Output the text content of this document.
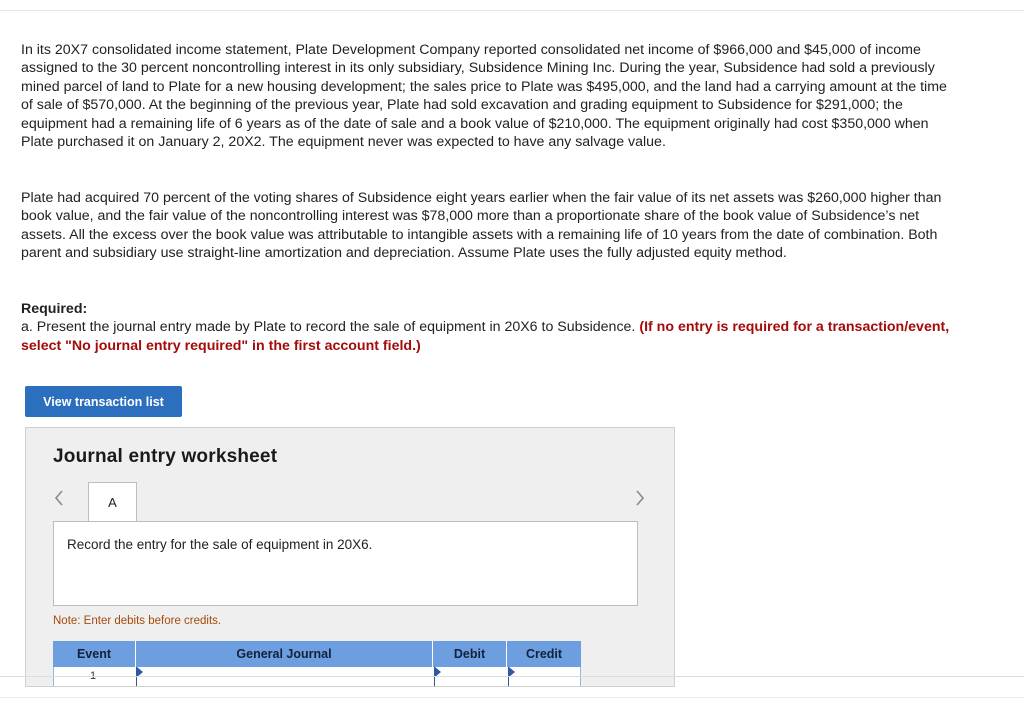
In its 20X7 consolidated income statement, Plate Development Company reported consolidated net income of $966,000 and $45,000 of income assigned to the 30 percent noncontrolling interest in its only subsidiary, Subsidence Mining Inc. During the year, Subsidence had sold a previously mined parcel of land to Plate for a new housing development; the sales price to Plate was $495,000, and the land had a carrying amount at the time of sale of $570,000. At the beginning of the previous year, Plate had sold excavation and grading equipment to Subsidence for $291,000; the equipment had a remaining life of 6 years as of the date of sale and a book value of $210,000. The equipment originally had cost $350,000 when Plate purchased it on January 2, 20X2. The equipment never was expected to have any salvage value.

Plate had acquired 70 percent of the voting shares of Subsidence eight years earlier when the fair value of its net assets was $260,000 higher than book value, and the fair value of the noncontrolling interest was $78,000 more than a proportionate share of the book value of Subsidence’s net assets. All the excess over the book value was attributable to intangible assets with a remaining life of 10 years from the date of combination. Both parent and subsidiary use straight-line amortization and depreciation. Assume Plate uses the fully adjusted equity method.

Required:
a. Present the journal entry made by Plate to record the sale of equipment in 20X6 to Subsidence. (If no entry is required for a transaction/event, select "No journal entry required" in the first account field.)
View transaction list
Journal entry worksheet
A
Record the entry for the sale of equipment in 20X6.
Note: Enter debits before credits.
Event	General Journal	Debit	Credit
